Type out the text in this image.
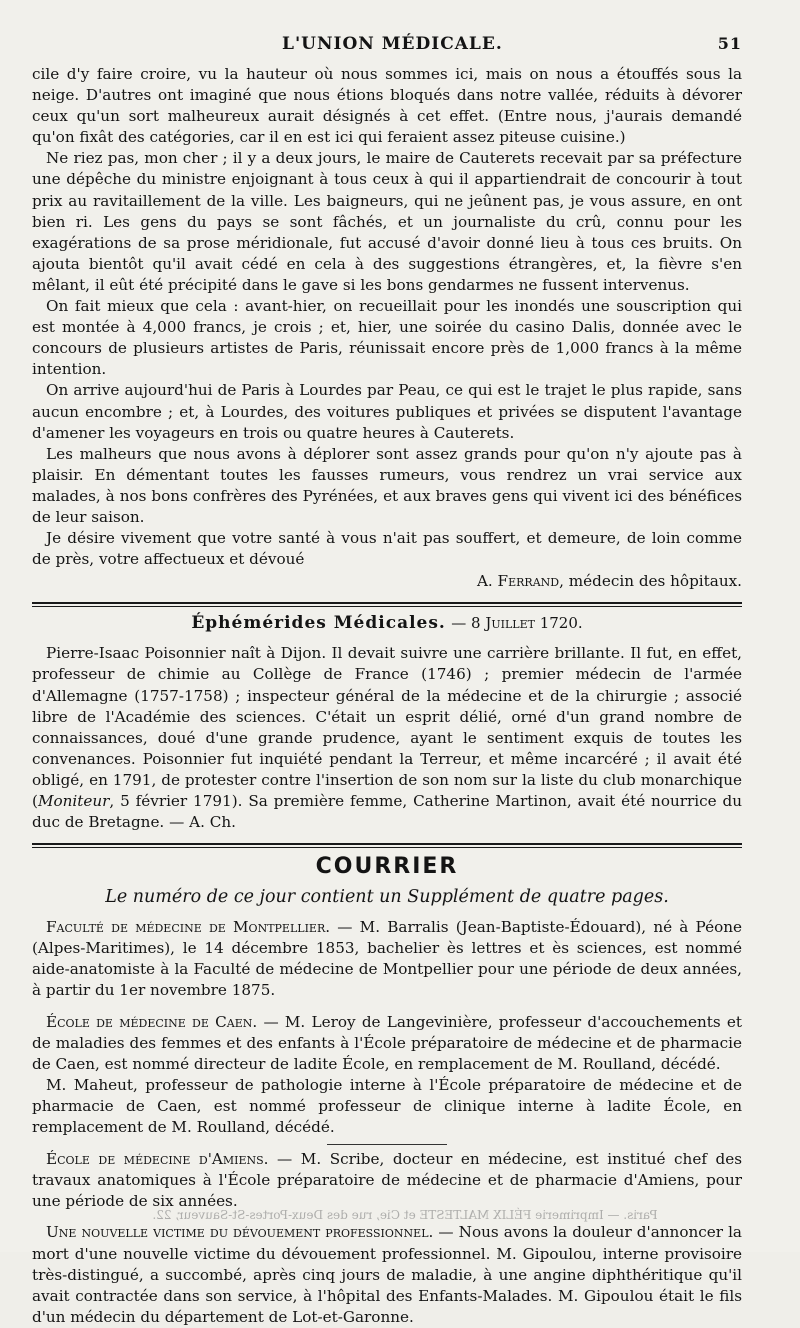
L'UNION MÉDICALE.	51

cile d'y faire croire, vu la hauteur où nous sommes ici, mais on nous a étouffés sous la neige. D'autres ont imaginé que nous étions bloqués dans notre vallée, réduits à dévorer ceux qu'un sort malheureux aurait désignés à cet effet. (Entre nous, j'aurais demandé qu'on fixât des catégories, car il en est ici qui feraient assez piteuse cuisine.)

Ne riez pas, mon cher ; il y a deux jours, le maire de Cauterets recevait par sa préfecture une dépêche du ministre enjoignant à tous ceux à qui il appartiendrait de concourir à tout prix au ravitaillement de la ville. Les baigneurs, qui ne jeûnent pas, je vous assure, en ont bien ri. Les gens du pays se sont fâchés, et un journaliste du crû, connu pour les exagérations de sa prose méridionale, fut accusé d'avoir donné lieu à tous ces bruits. On ajouta bientôt qu'il avait cédé en cela à des suggestions étrangères, et, la fièvre s'en mêlant, il eût été précipité dans le gave si les bons gendarmes ne fussent intervenus.

On fait mieux que cela : avant-hier, on recueillait pour les inondés une souscription qui est montée à 4,000 francs, je crois ; et, hier, une soirée du casino Dalis, donnée avec le concours de plusieurs artistes de Paris, réunissait encore près de 1,000 francs à la même intention.

On arrive aujourd'hui de Paris à Lourdes par Peau, ce qui est le trajet le plus rapide, sans aucun encombre ; et, à Lourdes, des voitures publiques et privées se disputent l'avantage d'amener les voyageurs en trois ou quatre heures à Cauterets.

Les malheurs que nous avons à déplorer sont assez grands pour qu'on n'y ajoute pas à plaisir. En démentant toutes les fausses rumeurs, vous rendrez un vrai service aux malades, à nos bons confrères des Pyrénées, et aux braves gens qui vivent ici des bénéfices de leur saison.

Je désire vivement que votre santé à vous n'ait pas souffert, et demeure, de loin comme de près, votre affectueux et dévoué

A. Ferrand, médecin des hôpitaux.

Éphémérides Médicales. — 8 Juillet 1720.

Pierre-Isaac Poisonnier naît à Dijon. Il devait suivre une carrière brillante. Il fut, en effet, professeur de chimie au Collège de France (1746) ; premier médecin de l'armée d'Allemagne (1757-1758) ; inspecteur général de la médecine et de la chirurgie ; associé libre de l'Académie des sciences. C'était un esprit délié, orné d'un grand nombre de connaissances, doué d'une grande prudence, ayant le sentiment exquis de toutes les convenances. Poisonnier fut inquiété pendant la Terreur, et même incarcéré ; il avait été obligé, en 1791, de protester contre l'insertion de son nom sur la liste du club monarchique (Moniteur, 5 février 1791). Sa première femme, Catherine Martinon, avait été nourrice du duc de Bretagne. — A. Ch.

COURRIER
Le numéro de ce jour contient un Supplément de quatre pages.

Faculté de médecine de Montpellier. — M. Barralis (Jean-Baptiste-Édouard), né à Péone (Alpes-Maritimes), le 14 décembre 1853, bachelier ès lettres et ès sciences, est nommé aide-anatomiste à la Faculté de médecine de Montpellier pour une période de deux années, à partir du 1er novembre 1875.

École de médecine de Caen. — M. Leroy de Langevinière, professeur d'accouchements et de maladies des femmes et des enfants à l'École préparatoire de médecine et de pharmacie de Caen, est nommé directeur de ladite École, en remplacement de M. Roulland, décédé.

M. Maheut, professeur de pathologie interne à l'École préparatoire de médecine et de pharmacie de Caen, est nommé professeur de clinique interne à ladite École, en remplacement de M. Roulland, décédé.

École de médecine d'Amiens. — M. Scribe, docteur en médecine, est institué chef des travaux anatomiques à l'École préparatoire de médecine et de pharmacie d'Amiens, pour une période de six années.

Une nouvelle victime du dévouement professionnel. — Nous avons la douleur d'annoncer la mort d'une nouvelle victime du dévouement professionnel. M. Gipoulou, interne provisoire très-distingué, a succombé, après cinq jours de maladie, à une angine diphthéritique qu'il avait contractée dans son service, à l'hôpital des Enfants-Malades. M. Gipoulou était le fils d'un médecin du département de Lot-et-Garonne.

Paris. — Imprimerie FÉLIX MALTESTE et Cie, rue des Deux-Portes-St-Sauveur, 22.
